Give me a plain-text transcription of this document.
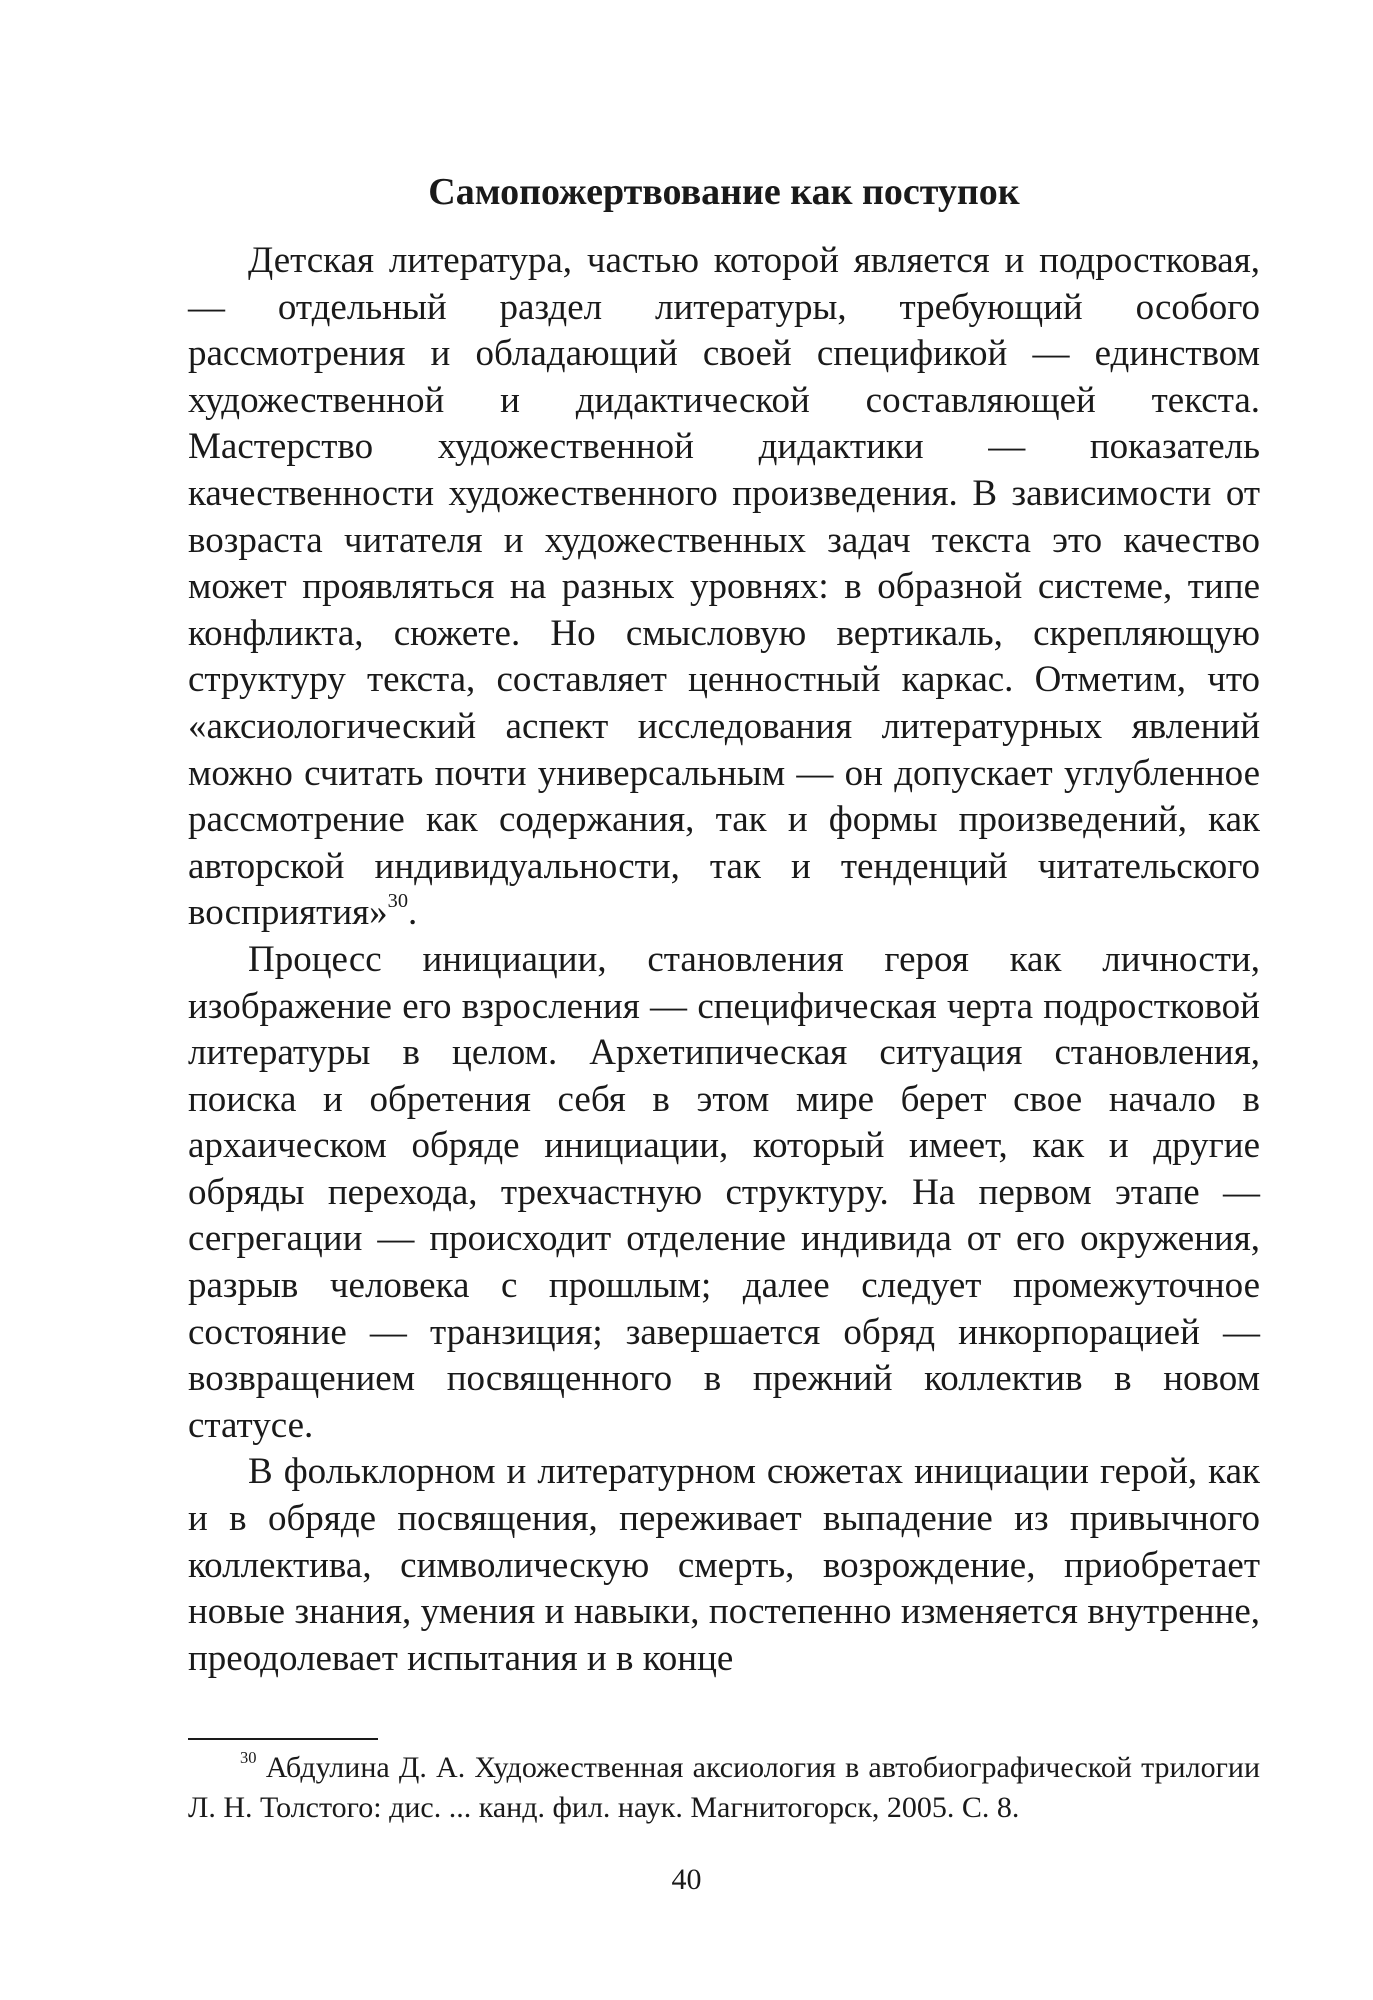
Самопожертвование как поступок

Детская литература, частью которой является и подростковая, — отдельный раздел литературы, требующий особого рассмотрения и обладающий своей спецификой — единством художественной и дидактической составляющей текста. Мастерство художественной дидактики — показатель качественности художественного произведения. В зависимости от возраста читателя и художественных задач текста это качество может проявляться на разных уровнях: в образной системе, типе конфликта, сюжете. Но смысловую вертикаль, скрепляющую структуру текста, составляет ценностный каркас. Отметим, что «аксиологический аспект исследования литературных явлений можно считать почти универсальным — он допускает углубленное рассмотрение как содержания, так и формы произведений, как авторской индивидуальности, так и тенденций читательского восприятия»$^{30}$.

Процесс инициации, становления героя как личности, изображение его взросления — специфическая черта подростковой литературы в целом. Архетипическая ситуация становления, поиска и обретения себя в этом мире берет свое начало в архаическом обряде инициации, который имеет, как и другие обряды перехода, трехчастную структуру. На первом этапе — сегрегации — происходит отделение индивида от его окружения, разрыв человека с прошлым; далее следует промежуточное состояние — транзиция; завершается обряд инкорпорацией — возвращением посвященного в прежний коллектив в новом статусе.

В фольклорном и литературном сюжетах инициации герой, как и в обряде посвящения, переживает выпадение из привычного коллектива, символическую смерть, возрождение, приобретает новые знания, умения и навыки, постепенно изменяется внутренне, преодолевает испытания и в конце

$^{30}$ Абдулина Д. А. Художественная аксиология в автобиографической трилогии Л. Н. Толстого: дис. ... канд. фил. наук. Магнитогорск, 2005. С. 8.

40
